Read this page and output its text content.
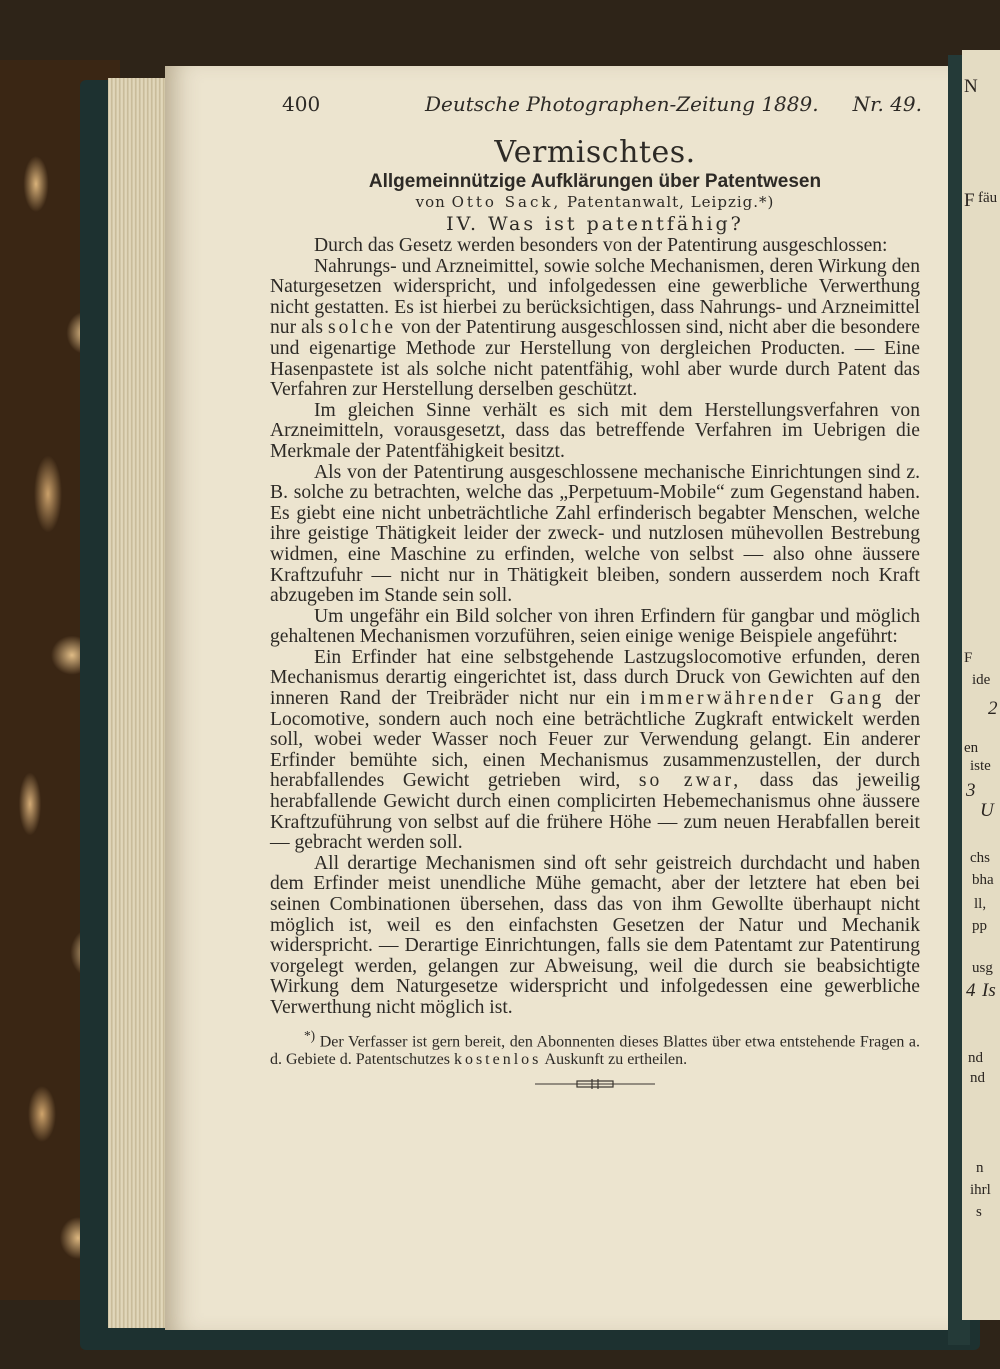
N
F fäu
F
ide
2
en
iste
3
U
chs
bha
ll,
pp
usg
4 Is
nd
nd
n
ihrl
s
400	Deutsche Photographen-Zeitung 1889. Nr. 49.
Vermischtes.
Allgemeinnützige Aufklärungen über Patentwesen
von Otto Sack, Patentanwalt, Leipzig.*)
IV. Was ist patentfähig?

Durch das Gesetz werden besonders von der Patentirung ausgeschlossen:

Nahrungs- und Arzneimittel, sowie solche Mechanismen, deren Wirkung den Naturgesetzen widerspricht, und infolgedessen eine gewerbliche Verwerthung nicht gestatten. Es ist hierbei zu berücksichtigen, dass Nahrungs- und Arzneimittel nur als solche von der Patentirung ausgeschlossen sind, nicht aber die besondere und eigenartige Methode zur Herstellung von dergleichen Producten. — Eine Hasenpastete ist als solche nicht patentfähig, wohl aber wurde durch Patent das Verfahren zur Herstellung derselben geschützt.

Im gleichen Sinne verhält es sich mit dem Herstellungsverfahren von Arzneimitteln, vorausgesetzt, dass das betreffende Verfahren im Uebrigen die Merkmale der Patentfähigkeit besitzt.

Als von der Patentirung ausgeschlossene mechanische Einrichtungen sind z. B. solche zu betrachten, welche das „Perpetuum-Mobile“ zum Gegenstand haben. Es giebt eine nicht unbeträchtliche Zahl erfinderisch begabter Menschen, welche ihre geistige Thätigkeit leider der zweck- und nutzlosen mühevollen Bestrebung widmen, eine Maschine zu erfinden, welche von selbst — also ohne äussere Kraftzufuhr — nicht nur in Thätigkeit bleiben, sondern ausserdem noch Kraft abzugeben im Stande sein soll.

Um ungefähr ein Bild solcher von ihren Erfindern für gangbar und möglich gehaltenen Mechanismen vorzuführen, seien einige wenige Beispiele angeführt:

Ein Erfinder hat eine selbstgehende Lastzugslocomotive erfunden, deren Mechanismus derartig eingerichtet ist, dass durch Druck von Gewichten auf den inneren Rand der Treibräder nicht nur ein immerwährender Gang der Locomotive, sondern auch noch eine beträchtliche Zugkraft entwickelt werden soll, wobei weder Wasser noch Feuer zur Verwendung gelangt. Ein anderer Erfinder bemühte sich, einen Mechanismus zusammenzustellen, der durch herabfallendes Gewicht getrieben wird, so zwar, dass das jeweilig herabfallende Gewicht durch einen complicirten Hebemechanismus ohne äussere Kraftzuführung von selbst auf die frühere Höhe — zum neuen Herabfallen bereit — gebracht werden soll.

All derartige Mechanismen sind oft sehr geistreich durchdacht und haben dem Erfinder meist unendliche Mühe gemacht, aber der letztere hat eben bei seinen Combinationen übersehen, dass das von ihm Gewollte überhaupt nicht möglich ist, weil es den einfachsten Gesetzen der Natur und Mechanik widerspricht. — Derartige Einrichtungen, falls sie dem Patentamt zur Patentirung vorgelegt werden, gelangen zur Abweisung, weil die durch sie beabsichtigte Wirkung dem Naturgesetze widerspricht und infolgedessen eine gewerbliche Verwerthung nicht möglich ist.

*) Der Verfasser ist gern bereit, den Abonnenten dieses Blattes über etwa entstehende Fragen a. d. Gebiete d. Patentschutzes kostenlos Auskunft zu ertheilen.
